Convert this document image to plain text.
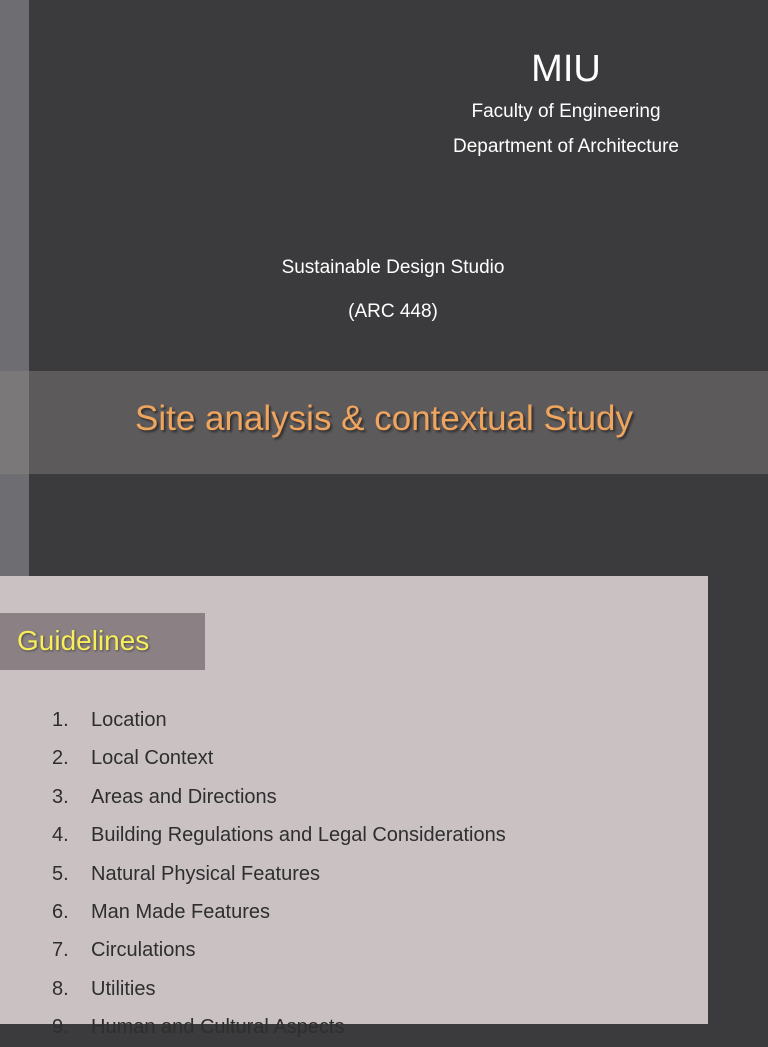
MIU
Faculty of Engineering
Department of Architecture
Sustainable Design Studio
(ARC 448)
Site analysis & contextual Study
Guidelines
1.	Location
2.	Local Context
3.	Areas and Directions
4.	Building Regulations and Legal Considerations
5.	Natural Physical Features
6.	Man Made Features
7.	Circulations
8.	Utilities
9.	Human and Cultural Aspects
